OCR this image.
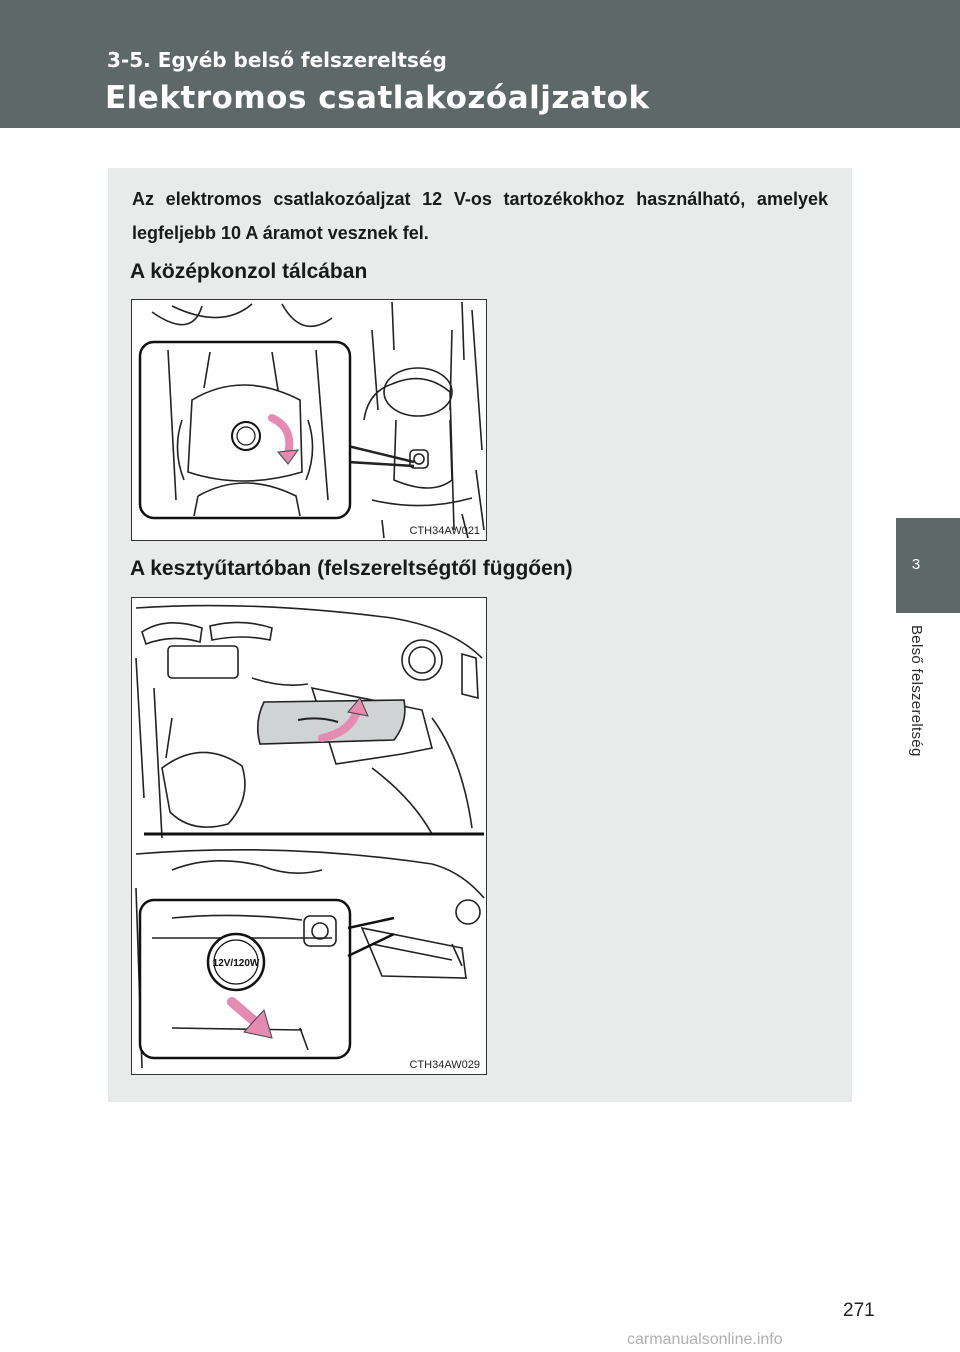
3-5. Egyéb belső felszereltség
Elektromos csatlakozóaljzatok
3
Belső felszereltség
Az elektromos csatlakozóaljzat 12 V-os tartozékokhoz használható, amelyek legfeljebb 10 A áramot vesznek fel.
A középkonzol tálcában
CTH34AW021
A kesztyűtartóban (felszereltségtől függően)
12V/120W
CTH34AW029
271
carmanualsonline.info
